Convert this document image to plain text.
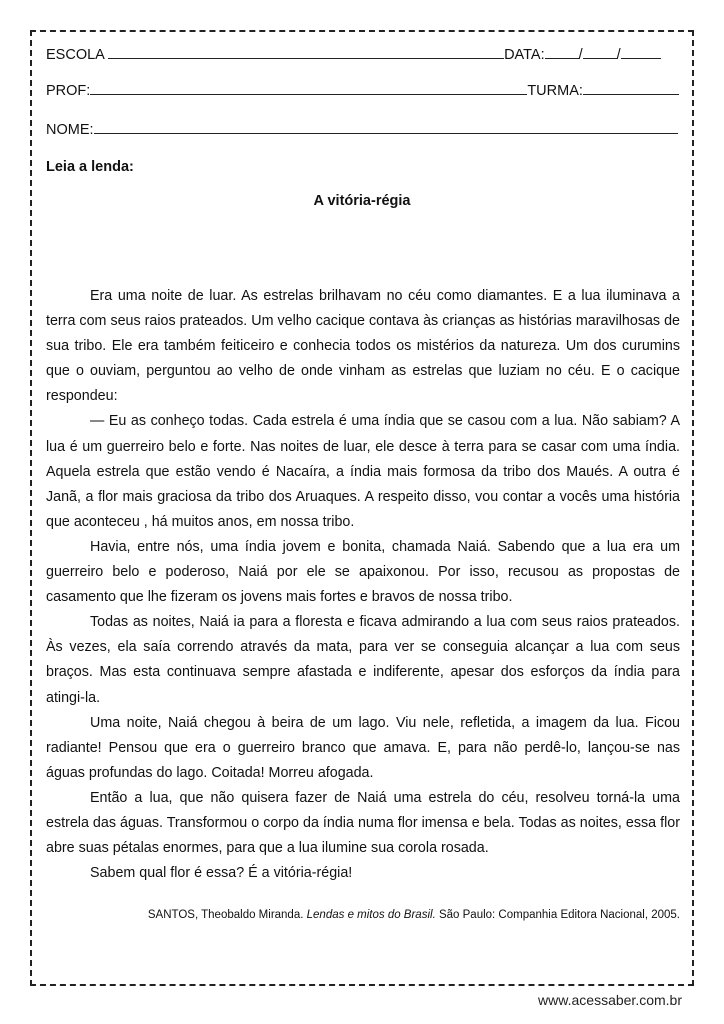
ESCOLA	DATA: / /
PROF:	TURMA:
NOME:
Leia a lenda:
A vitória-régia

Era uma noite de luar. As estrelas brilhavam no céu como diamantes. E a lua iluminava a terra com seus raios prateados. Um velho cacique contava às crianças as histórias maravilhosas de sua tribo. Ele era também feiticeiro e conhecia todos os mistérios da natureza. Um dos curumins que o ouviam, perguntou ao velho de onde vinham as estrelas que luziam no céu. E o cacique respondeu:

— Eu as conheço todas. Cada estrela é uma índia que se casou com a lua. Não sabiam? A lua é um guerreiro belo e forte. Nas noites de luar, ele desce à terra para se casar com uma índia. Aquela estrela que estão vendo é Nacaíra, a índia mais formosa da tribo dos Maués. A outra é Janã, a flor mais graciosa da tribo dos Aruaques. A respeito disso, vou contar a vocês uma história que aconteceu , há muitos anos, em nossa tribo.

Havia, entre nós, uma índia jovem e bonita, chamada Naiá. Sabendo que a lua era um guerreiro belo e poderoso, Naiá por ele se apaixonou. Por isso, recusou as propostas de casamento que lhe fizeram os jovens mais fortes e bravos de nossa tribo.

Todas as noites, Naiá ia para a floresta e ficava admirando a lua com seus raios prateados. Às vezes, ela saía correndo através da mata, para ver se conseguia alcançar a lua com seus braços. Mas esta continuava sempre afastada e indiferente, apesar dos esforços da índia para atingi-la.

Uma noite, Naiá chegou à beira de um lago. Viu nele, refletida, a imagem da lua. Ficou radiante! Pensou que era o guerreiro branco que amava. E, para não perdê-lo, lançou-se nas águas profundas do lago. Coitada! Morreu afogada.

Então a lua, que não quisera fazer de Naiá uma estrela do céu, resolveu torná-la uma estrela das águas. Transformou o corpo da índia numa flor imensa e bela. Todas as noites, essa flor abre suas pétalas enormes, para que a lua ilumine sua corola rosada.

Sabem qual flor é essa? É a vitória-régia!

SANTOS, Theobaldo Miranda. Lendas e mitos do Brasil. São Paulo: Companhia Editora Nacional, 2005.
www.acessaber.com.br
